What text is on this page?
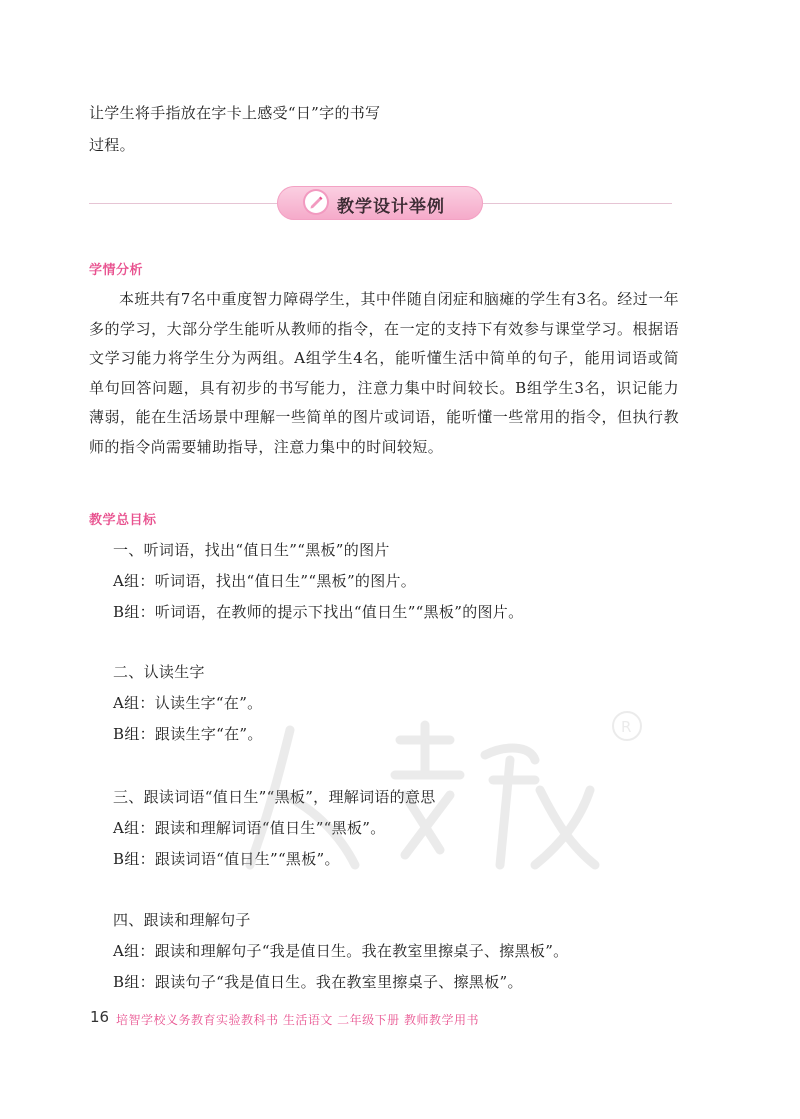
让学生将手指放在字卡上感受“日”字的书写
过程。
教学设计举例
学情分析
本班共有7名中重度智力障碍学生，其中伴随自闭症和脑瘫的学生有3名。经过一年多的学习，大部分学生能听从教师的指令，在一定的支持下有效参与课堂学习。根据语文学习能力将学生分为两组。A组学生4名，能听懂生活中简单的句子，能用词语或简单句回答问题，具有初步的书写能力，注意力集中时间较长。B组学生3名，识记能力薄弱，能在生活场景中理解一些简单的图片或词语，能听懂一些常用的指令，但执行教师的指令尚需要辅助指导，注意力集中的时间较短。
教学总目标
一、听词语，找出“值日生”“黑板”的图片
A组：听词语，找出“值日生”“黑板”的图片。
B组：听词语，在教师的提示下找出“值日生”“黑板”的图片。
二、认读生字
A组：认读生字“在”。
B组：跟读生字“在”。
三、跟读词语“值日生”“黑板”，理解词语的意思
A组：跟读和理解词语“值日生”“黑板”。
B组：跟读词语“值日生”“黑板”。
四、跟读和理解句子
A组：跟读和理解句子“我是值日生。我在教室里擦桌子、擦黑板”。
B组：跟读句子“我是值日生。我在教室里擦桌子、擦黑板”。
R
16 培智学校义务教育实验教科书 生活语文 二年级下册 教师教学用书
